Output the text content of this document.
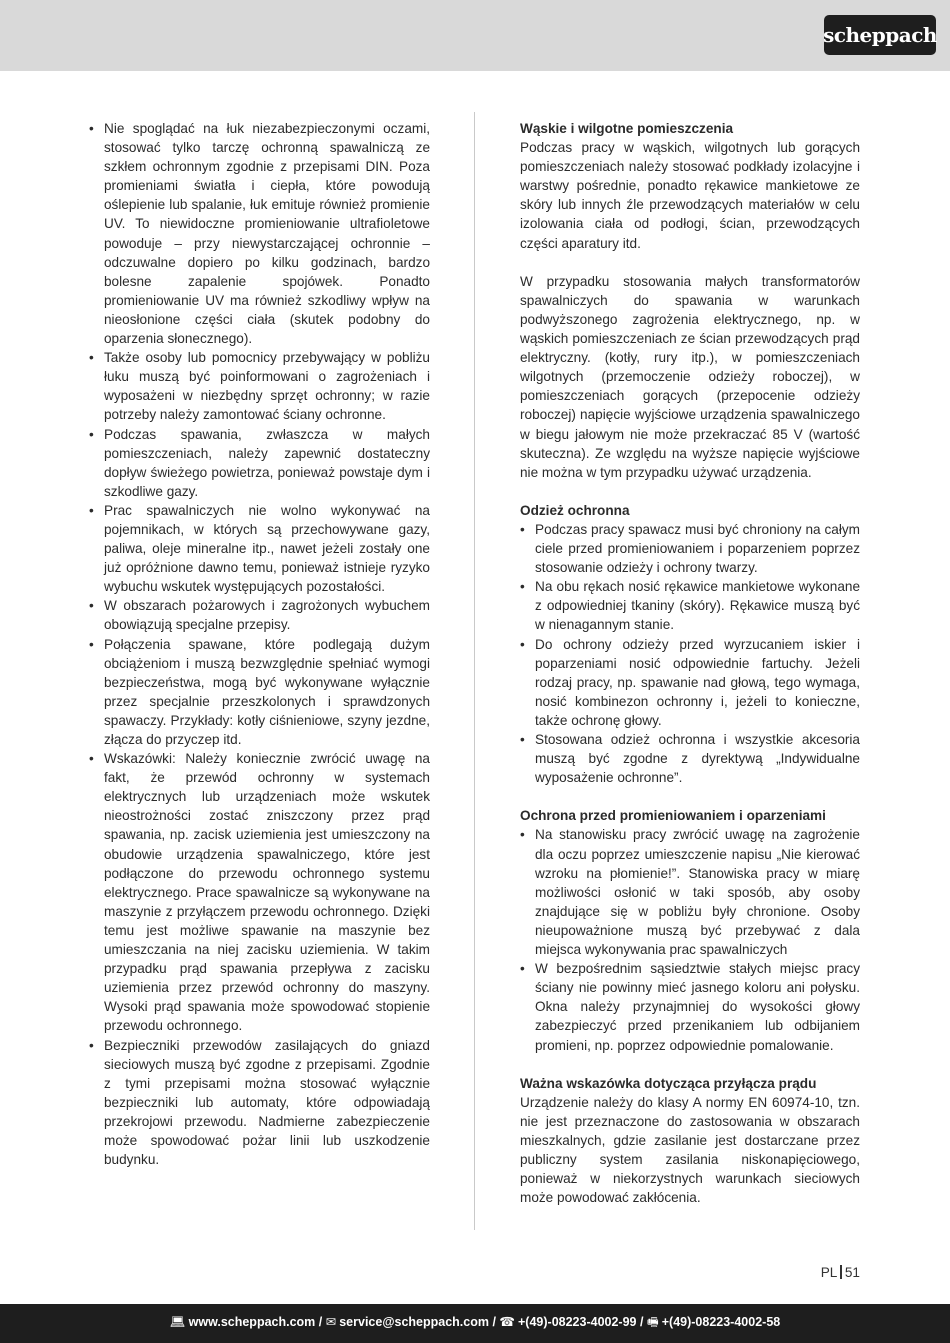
scheppach
• Nie spoglądać na łuk niezabezpieczonymi oczami, stosować tylko tarczę ochronną spawalniczą ze szkłem ochronnym zgodnie z przepisami DIN. Poza promieniami światła i ciepła, które powodują oślepienie lub spalanie, łuk emituje również promienie UV. To niewidoczne promieniowanie ultrafioletowe powoduje – przy niewystarczającej ochronnie – odczuwalne dopiero po kilku godzinach, bardzo bolesne zapalenie spojówek. Ponadto promieniowanie UV ma również szkodliwy wpływ na nieosłonione części ciała (skutek podobny do oparzenia słonecznego).
• Także osoby lub pomocnicy przebywający w pobliżu łuku muszą być poinformowani o zagrożeniach i wyposażeni w niezbędny sprzęt ochronny; w razie potrzeby należy zamontować ściany ochronne.
• Podczas spawania, zwłaszcza w małych pomieszczeniach, należy zapewnić dostateczny dopływ świeżego powietrza, ponieważ powstaje dym i szkodliwe gazy.
• Prac spawalniczych nie wolno wykonywać na pojemnikach, w których są przechowywane gazy, paliwa, oleje mineralne itp., nawet jeżeli zostały one już opróżnione dawno temu, ponieważ istnieje ryzyko wybuchu wskutek występujących pozostałości.
• W obszarach pożarowych i zagrożonych wybuchem obowiązują specjalne przepisy.
• Połączenia spawane, które podlegają dużym obciążeniom i muszą bezwzględnie spełniać wymogi bezpieczeństwa, mogą być wykonywane wyłącznie przez specjalnie przeszkolonych i sprawdzonych spawaczy. Przykłady: kotły ciśnieniowe, szyny jezdne, złącza do przyczep itd.
• Wskazówki: Należy koniecznie zwrócić uwagę na fakt, że przewód ochronny w systemach elektrycznych lub urządzeniach może wskutek nieostrożności zostać zniszczony przez prąd spawania, np. zacisk uziemienia jest umieszczony na obudowie urządzenia spawalniczego, które jest podłączone do przewodu ochronnego systemu elektrycznego. Prace spawalnicze są wykonywane na maszynie z przyłączem przewodu ochronnego. Dzięki temu jest możliwe spawanie na maszynie bez umieszczania na niej zacisku uziemienia. W takim przypadku prąd spawania przepływa z zacisku uziemienia przez przewód ochronny do maszyny. Wysoki prąd spawania może spowodować stopienie przewodu ochronnego.
• Bezpieczniki przewodów zasilających do gniazd sieciowych muszą być zgodne z przepisami. Zgodnie z tymi przepisami można stosować wyłącznie bezpieczniki lub automaty, które odpowiadają przekrojowi przewodu. Nadmierne zabezpieczenie może spowodować pożar linii lub uszkodzenie budynku.
Wąskie i wilgotne pomieszczenia

Podczas pracy w wąskich, wilgotnych lub gorących pomieszczeniach należy stosować podkłady izolacyjne i warstwy pośrednie, ponadto rękawice mankietowe ze skóry lub innych źle przewodzących materiałów w celu izolowania ciała od podłogi, ścian, przewodzących części aparatury itd.

W przypadku stosowania małych transformatorów spawalniczych do spawania w warunkach podwyższonego zagrożenia elektrycznego, np. w wąskich pomieszczeniach ze ścian przewodzących prąd elektryczny. (kotły, rury itp.), w pomieszczeniach wilgotnych (przemoczenie odzieży roboczej), w pomieszczeniach gorących (przepocenie odzieży roboczej) napięcie wyjściowe urządzenia spawalniczego w biegu jałowym nie może przekraczać 85 V (wartość skuteczna). Ze względu na wyższe napięcie wyjściowe nie można w tym przypadku używać urządzenia.

Odzież ochronna
• Podczas pracy spawacz musi być chroniony na całym ciele przed promieniowaniem i poparzeniem poprzez stosowanie odzieży i ochrony twarzy.
• Na obu rękach nosić rękawice mankietowe wykonane z odpowiedniej tkaniny (skóry). Rękawice muszą być w nienagannym stanie.
• Do ochrony odzieży przed wyrzucaniem iskier i poparzeniami nosić odpowiednie fartuchy. Jeżeli rodzaj pracy, np. spawanie nad głową, tego wymaga, nosić kombinezon ochronny i, jeżeli to konieczne, także ochronę głowy.
• Stosowana odzież ochronna i wszystkie akcesoria muszą być zgodne z dyrektywą „Indywidualne wyposażenie ochronne”.
Ochrona przed promieniowaniem i oparzeniami
• Na stanowisku pracy zwrócić uwagę na zagrożenie dla oczu poprzez umieszczenie napisu „Nie kierować wzroku na płomienie!”. Stanowiska pracy w miarę możliwości osłonić w taki sposób, aby osoby znajdujące się w pobliżu były chronione. Osoby nieupoważnione muszą być przebywać z dala miejsca wykonywania prac spawalniczych
• W bezpośrednim sąsiedztwie stałych miejsc pracy ściany nie powinny mieć jasnego koloru ani połysku. Okna należy przynajmniej do wysokości głowy zabezpieczyć przed przenikaniem lub odbijaniem promieni, np. poprzez odpowiednie pomalowanie.
Ważna wskazówka dotycząca przyłącza prądu

Urządzenie należy do klasy A normy EN 60974-10, tzn. nie jest przeznaczone do zastosowania w obszarach mieszkalnych, gdzie zasilanie jest dostarczane przez publiczny system zasilania niskonapięciowego, ponieważ w niekorzystnych warunkach sieciowych może powodować zakłócenia.

PL 51
💻︎ www.scheppach.com / ✉︎ service@scheppach.com / ☎︎ +(49)-08223-4002-99 / 🖷︎ +(49)-08223-4002-58
